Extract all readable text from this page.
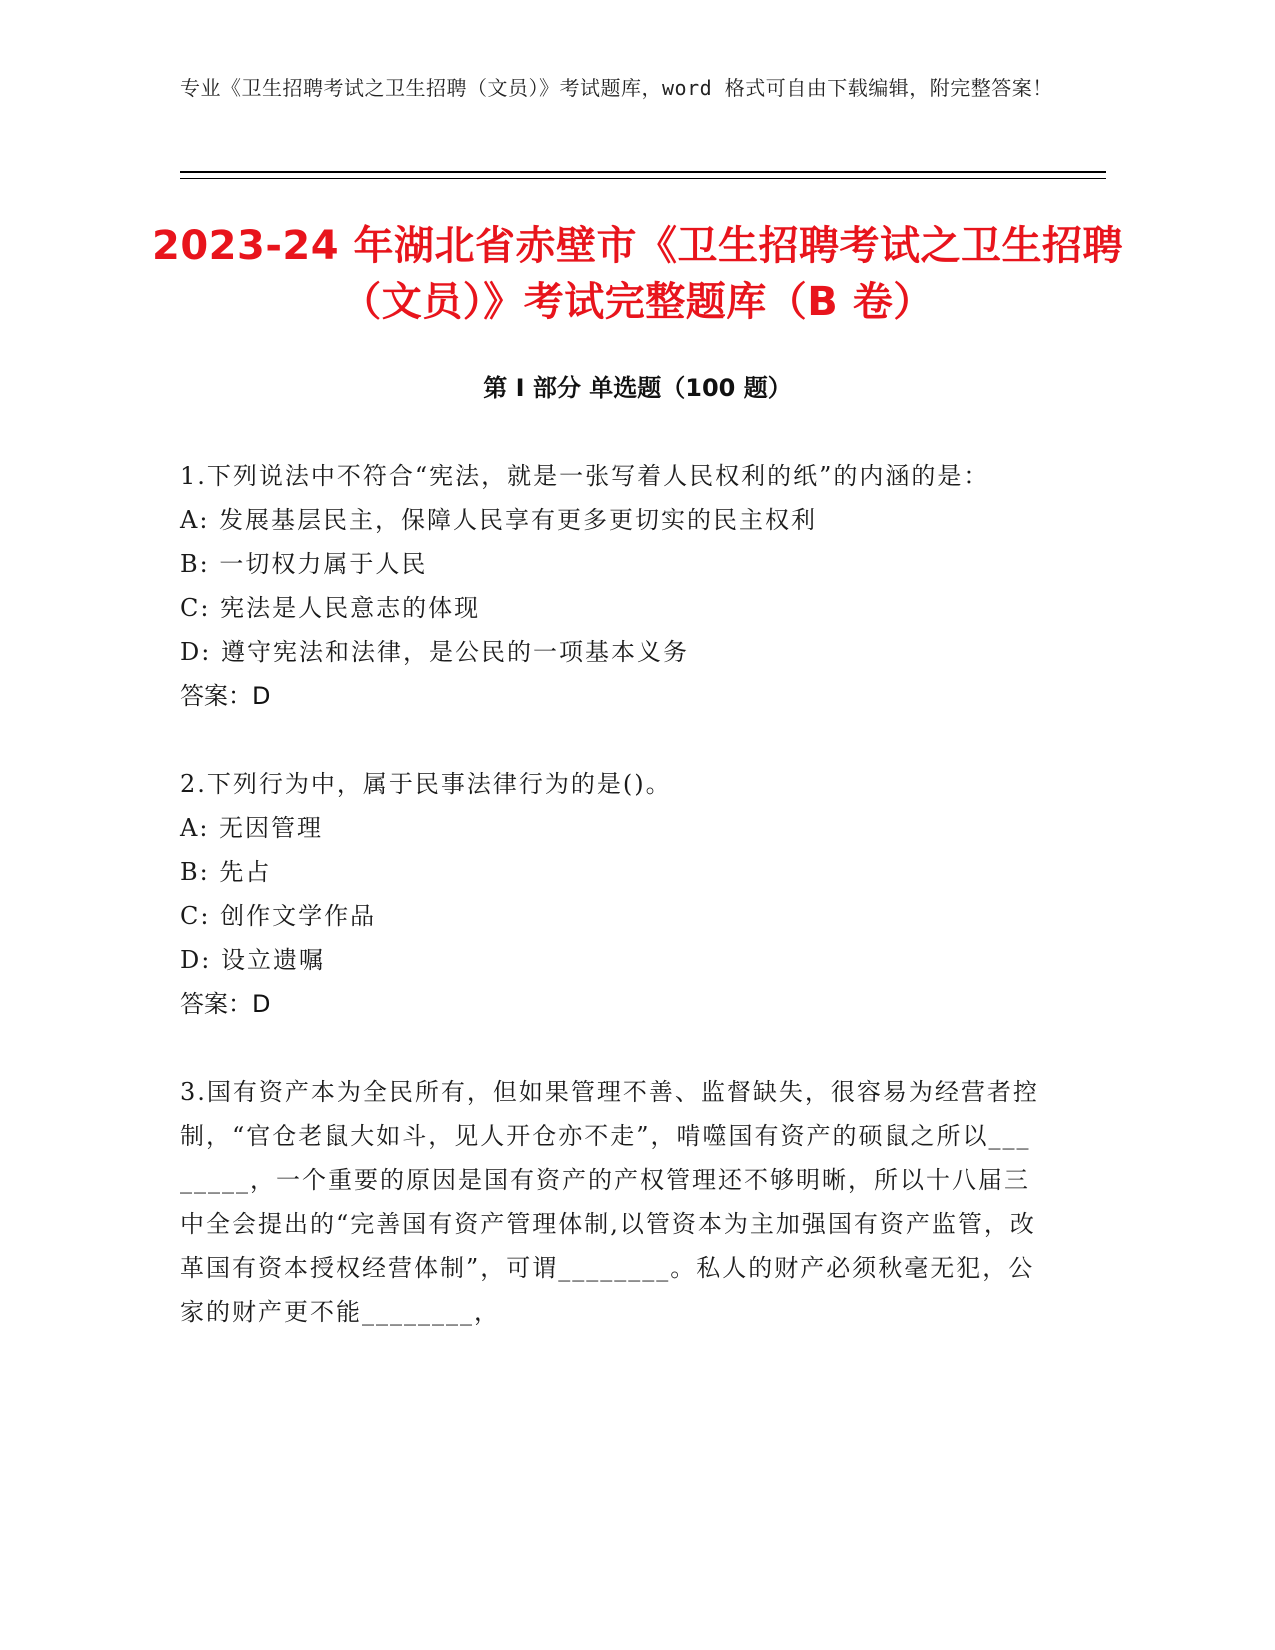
专业《卫生招聘考试之卫生招聘（文员）》考试题库，word 格式可自由下载编辑，附完整答案！
2023-24 年湖北省赤壁市《卫生招聘考试之卫生招聘（文员）》考试完整题库（B 卷）
第 I 部分 单选题（100 题）

1.下列说法中不符合“宪法，就是一张写着人民权利的纸”的内涵的是：

A: 发展基层民主，保障人民享有更多更切实的民主权利

B: 一切权力属于人民

C: 宪法是人民意志的体现

D: 遵守宪法和法律，是公民的一项基本义务

答案：D

2.下列行为中，属于民事法律行为的是()。

A: 无因管理

B: 先占

C: 创作文学作品

D: 设立遗嘱

答案：D

3.国有资产本为全民所有，但如果管理不善、监督缺失，很容易为经营者控制，“官仓老鼠大如斗，见人开仓亦不走”，啃噬国有资产的硕鼠之所以________，一个重要的原因是国有资产的产权管理还不够明晰，所以十八届三中全会提出的“完善国有资产管理体制,以管资本为主加强国有资产监管，改革国有资本授权经营体制”，可谓________。私人的财产必须秋毫无犯，公家的财产更不能________，
